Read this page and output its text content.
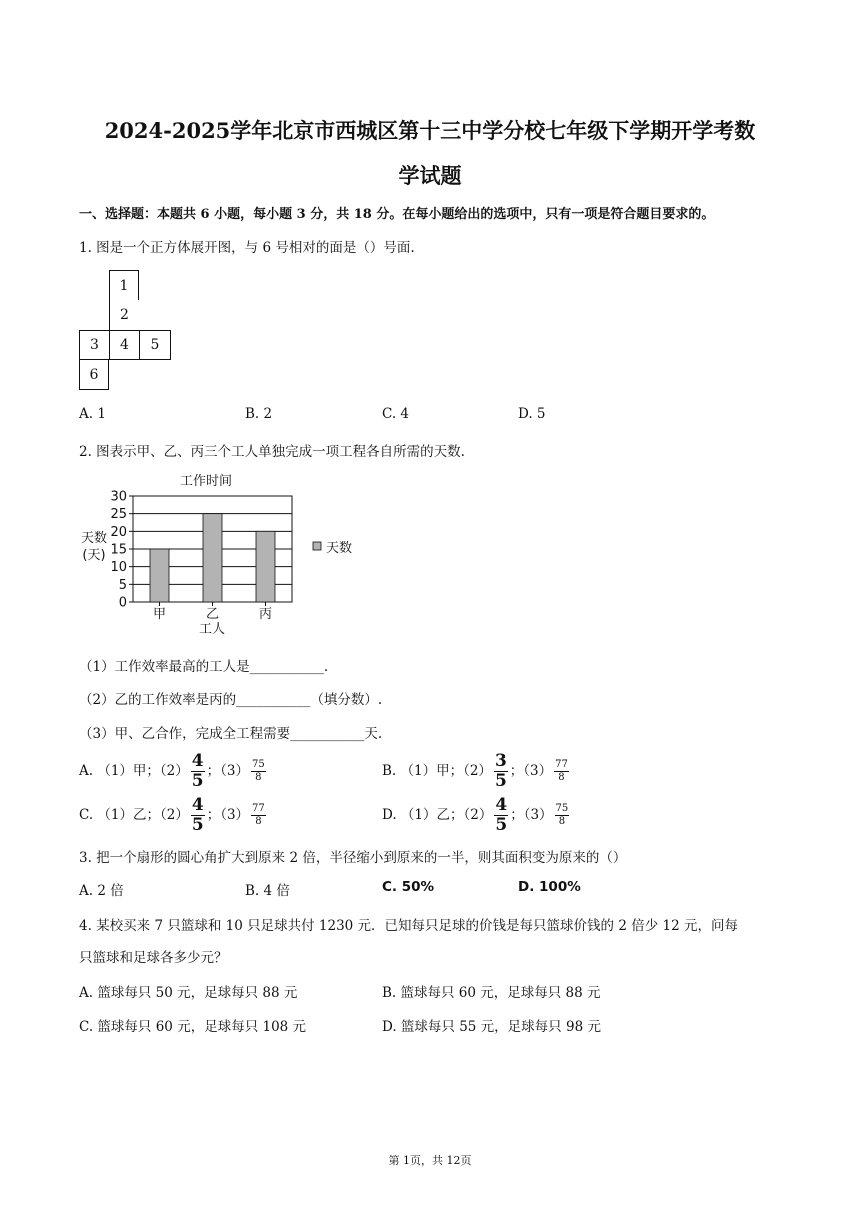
2024-2025学年北京市西城区第十三中学分校七年级下学期开学考数
学试题
一、选择题：本题共 6 小题，每小题 3 分，共 18 分。在每小题给出的选项中，只有一项是符合题目要求的。
1. 图是一个正方体展开图，与 6 号相对的面是（）号面.
1
2
3	4	5
6
A. 1	B. 2	C. 4	D. 5
2. 图表示甲、乙、丙三个工人单独完成一项工程各自所需的天数.
工作时间
天数
(天)
0
5
10
15
20
25
30
甲	乙	丙
工人
天数
（1）工作效率最高的工人是___________.
（2）乙的工作效率是丙的___________（填分数）.
（3）甲、乙合作，完成全工程需要___________天.
A. （1）甲；$(2) \frac{4}{5}$ ；$(3) \frac{75}{8}$	B. （1）甲；$(2) \frac{3}{5}$ ；$(3) \frac{77}{8}$
C. （1）乙；$(2) \frac{4}{5}$ ；$(3) \frac{77}{8}$	D. （1）乙；$(2) \frac{4}{5}$ ；$(3) \frac{75}{8}$
3. 把一个扇形的圆心角扩大到原来 2 倍，半径缩小到原来的一半，则其面积变为原来的（）
A. 2 倍	B. 4 倍	C. 50%	D. 100%
4. 某校买来 7 只篮球和 10 只足球共付 1230 元．已知每只足球的价钱是每只篮球价钱的 2 倍少 12 元，问每
只篮球和足球各多少元？
A. 篮球每只 50 元，足球每只 88 元	B. 篮球每只 60 元，足球每只 88 元
C. 篮球每只 60 元，足球每只 108 元	D. 篮球每只 55 元，足球每只 98 元
第 1页，共 12页
